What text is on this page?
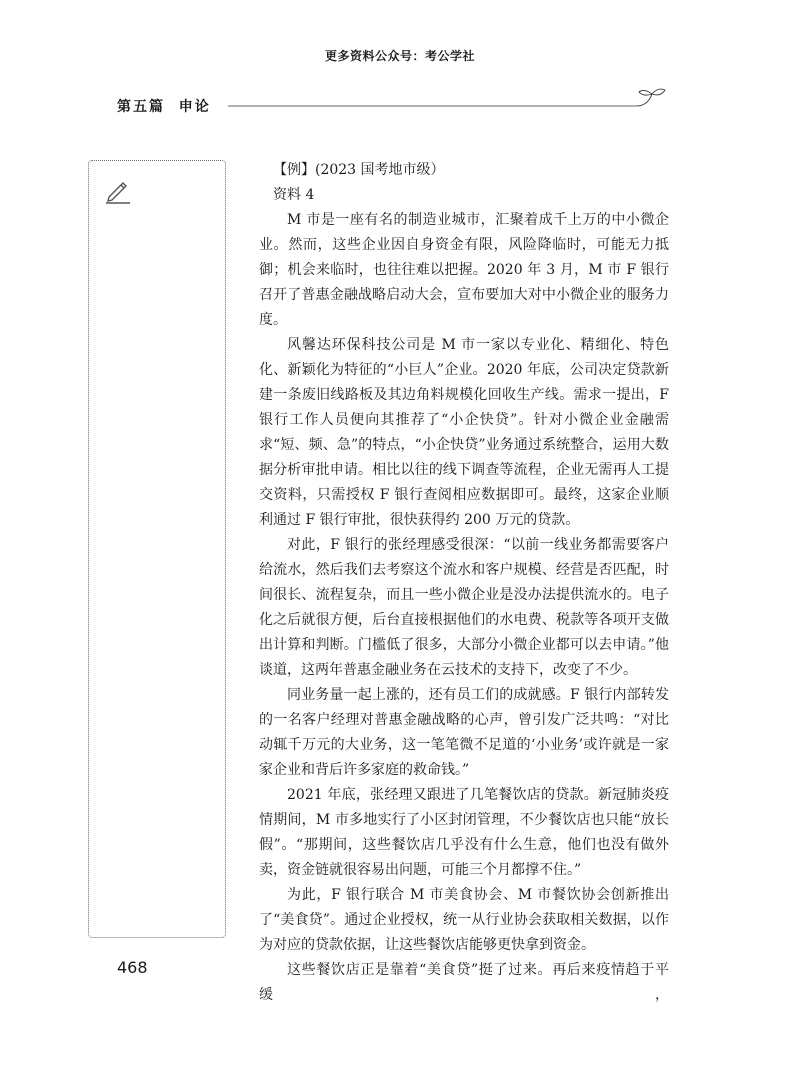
更多资料公众号：考公学社
第五篇 申论

【例】(2023 国考地市级）

资料 4

M 市是一座有名的制造业城市，汇聚着成千上万的中小微企业。然而，这些企业因自身资金有限，风险降临时，可能无力抵御；机会来临时，也往往难以把握。2020 年 3 月，M 市 F 银行召开了普惠金融战略启动大会，宣布要加大对中小微企业的服务力度。

风馨达环保科技公司是 M 市一家以专业化、精细化、特色化、新颖化为特征的“小巨人”企业。2020 年底，公司决定贷款新建一条废旧线路板及其边角料规模化回收生产线。需求一提出，F 银行工作人员便向其推荐了“小企快贷”。针对小微企业金融需求“短、频、急”的特点，“小企快贷”业务通过系统整合，运用大数据分析审批申请。相比以往的线下调查等流程，企业无需再人工提交资料，只需授权 F 银行查阅相应数据即可。最终，这家企业顺利通过 F 银行审批，很快获得约 200 万元的贷款。

对此，F 银行的张经理感受很深：“以前一线业务都需要客户给流水，然后我们去考察这个流水和客户规模、经营是否匹配，时间很长、流程复杂，而且一些小微企业是没办法提供流水的。电子化之后就很方便，后台直接根据他们的水电费、税款等各项开支做出计算和判断。门槛低了很多，大部分小微企业都可以去申请。”他谈道，这两年普惠金融业务在云技术的支持下，改变了不少。

同业务量一起上涨的，还有员工们的成就感。F 银行内部转发的一名客户经理对普惠金融战略的心声，曾引发广泛共鸣：“对比动辄千万元的大业务，这一笔笔微不足道的‘小业务’或许就是一家家企业和背后许多家庭的救命钱。”

2021 年底，张经理又跟进了几笔餐饮店的贷款。新冠肺炎疫情期间，M 市多地实行了小区封闭管理，不少餐饮店也只能“放长假”。“那期间，这些餐饮店几乎没有什么生意，他们也没有做外卖，资金链就很容易出问题，可能三个月都撑不住。”

为此，F 银行联合 M 市美食协会、M 市餐饮协会创新推出了“美食贷”。通过企业授权，统一从行业协会获取相关数据，以作为对应的贷款依据，让这些餐饮店能够更快拿到资金。

这些餐饮店正是靠着“美食贷”挺了过来。再后来疫情趋于平缓，

468
